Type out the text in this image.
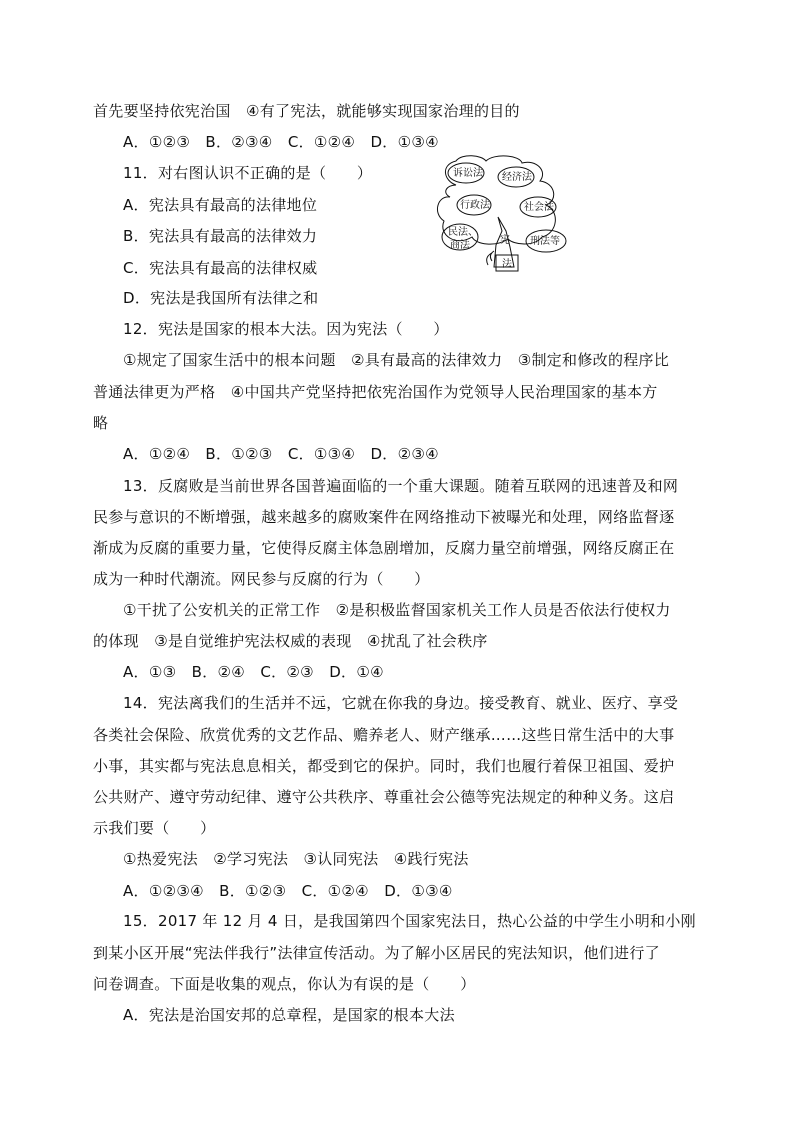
首先要坚持依宪治国　④有了宪法，就能够实现国家治理的目的
A．①②③　B．②③④　C．①②④　D．①③④
11．对右图认识不正确的是（　　）
A．宪法具有最高的法律地位
B．宪法具有最高的法律效力
C．宪法具有最高的法律权威
D．宪法是我国所有法律之和
12．宪法是国家的根本大法。因为宪法（　　）
①规定了国家生活中的根本问题　②具有最高的法律效力　③制定和修改的程序比
普通法律更为严格　④中国共产党坚持把依宪治国作为党领导人民治理国家的基本方
略
A．①②④　B．①②③　C．①③④　D．②③④
13．反腐败是当前世界各国普遍面临的一个重大课题。随着互联网的迅速普及和网
民参与意识的不断增强，越来越多的腐败案件在网络推动下被曝光和处理，网络监督逐
渐成为反腐的重要力量，它使得反腐主体急剧增加，反腐力量空前增强，网络反腐正在
成为一种时代潮流。网民参与反腐的行为（　　）
①干扰了公安机关的正常工作　②是积极监督国家机关工作人员是否依法行使权力
的体现　③是自觉维护宪法权威的表现　④扰乱了社会秩序
A．①③　B．②④　C．②③　D．①④
14．宪法离我们的生活并不远，它就在你我的身边。接受教育、就业、医疗、享受
各类社会保险、欣赏优秀的文艺作品、赡养老人、财产继承……这些日常生活中的大事
小事，其实都与宪法息息相关，都受到它的保护。同时，我们也履行着保卫祖国、爱护
公共财产、遵守劳动纪律、遵守公共秩序、尊重社会公德等宪法规定的种种义务。这启
示我们要（　　）
①热爱宪法　②学习宪法　③认同宪法　④践行宪法
A．①②③④　B．①②③　C．①②④　D．①③④
15．2017 年 12 月 4 日，是我国第四个国家宪法日，热心公益的中学生小明和小刚
到某小区开展“宪法伴我行”法律宣传活动。为了解小区居民的宪法知识，他们进行了
问卷调查。下面是收集的观点，你认为有误的是（　　）
A．宪法是治国安邦的总章程，是国家的根本大法
诉讼法 经济法
行政法	社会法
民法、
商法	宪 刑法等
法
